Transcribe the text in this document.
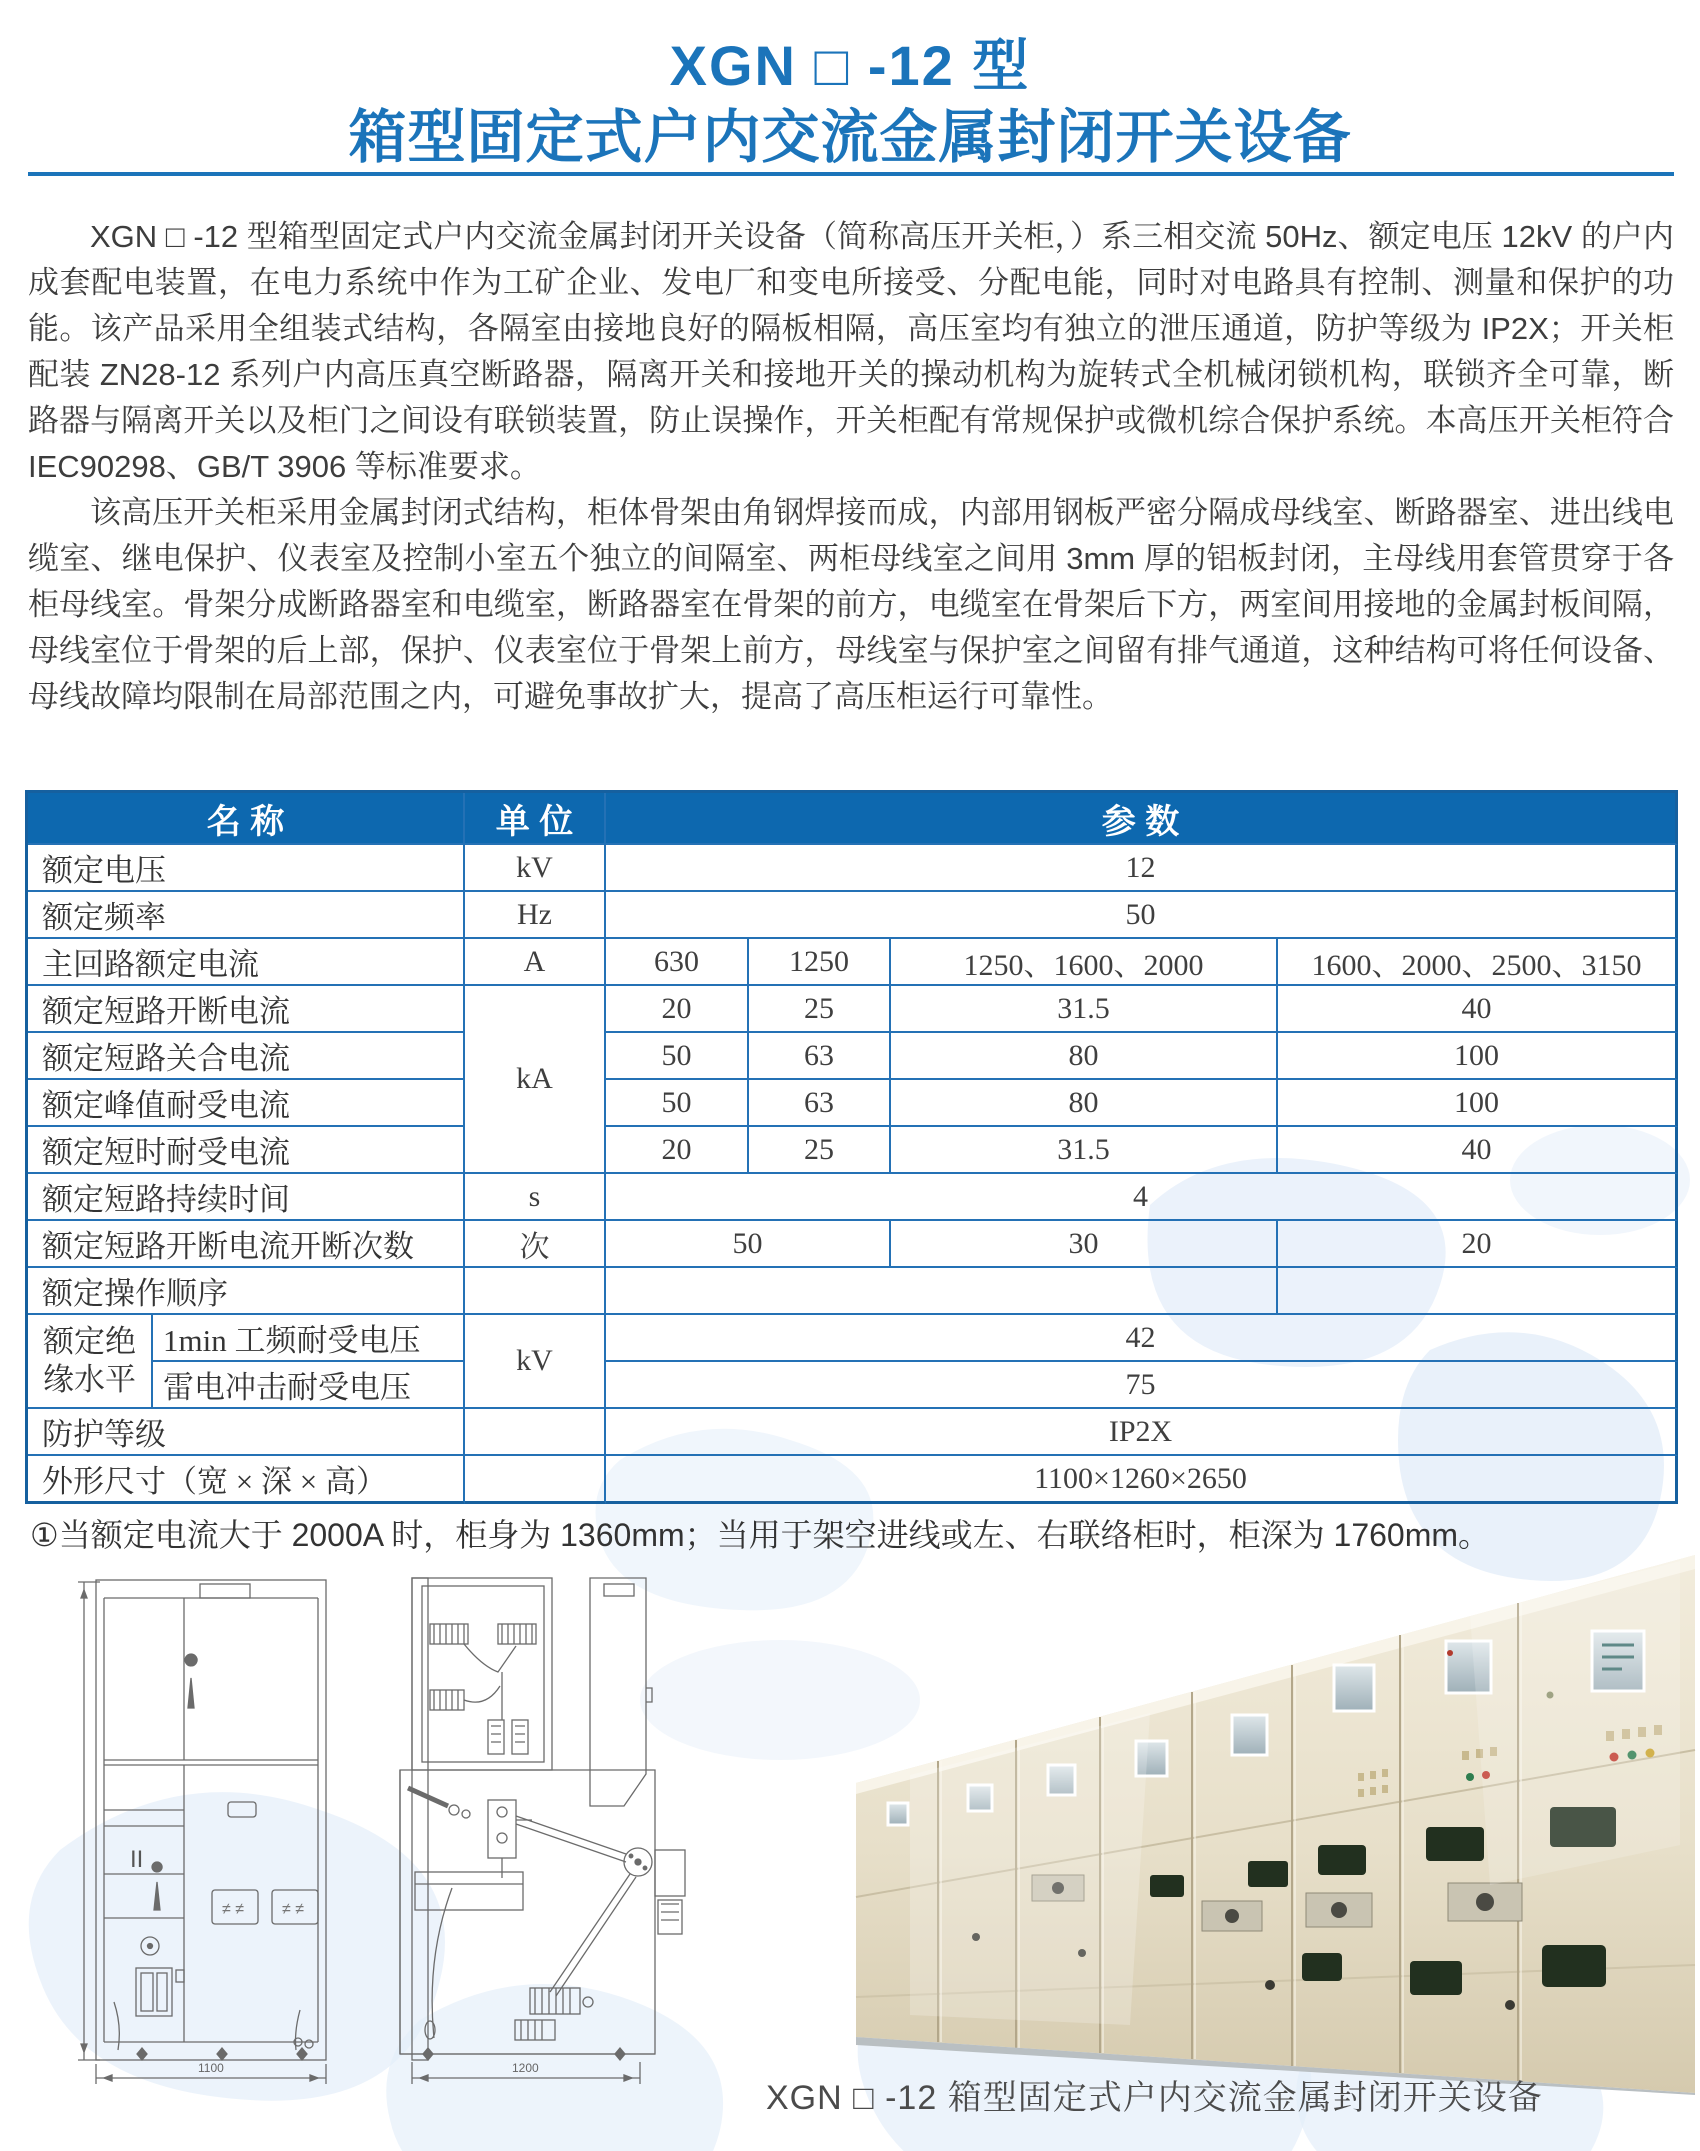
XGN □ -12 型
箱型固定式户内交流金属封闭开关设备

XGN □ -12 型箱型固定式户内交流金属封闭开关设备（简称高压开关柜，）系三相交流 50Hz、额定电压 12kV 的户内成套配电装置，在电力系统中作为工矿企业、发电厂和变电所接受、分配电能，同时对电路具有控制、测量和保护的功能。该产品采用全组装式结构，各隔室由接地良好的隔板相隔，高压室均有独立的泄压通道，防护等级为 IP2X；开关柜配装 ZN28-12 系列户内高压真空断路器，隔离开关和接地开关的操动机构为旋转式全机械闭锁机构，联锁齐全可靠，断路器与隔离开关以及柜门之间设有联锁装置，防止误操作，开关柜配有常规保护或微机综合保护系统。本高压开关柜符合 IEC90298、GB/T 3906 等标准要求。

该高压开关柜采用金属封闭式结构，柜体骨架由角钢焊接而成，内部用钢板严密分隔成母线室、断路器室、进出线电缆室、继电保护、仪表室及控制小室五个独立的间隔室、两柜母线室之间用 3mm 厚的铝板封闭，主母线用套管贯穿于各柜母线室。骨架分成断路器室和电缆室，断路器室在骨架的前方，电缆室在骨架后下方，两室间用接地的金属封板间隔，母线室位于骨架的后上部，保护、仪表室位于骨架上前方，母线室与保护室之间留有排气通道，这种结构可将任何设备、母线故障均限制在局部范围之内，可避免事故扩大，提高了高压柜运行可靠性。

名 称		单 位	参 数			
额定电压		kV	12			
额定频率		Hz	50			
主回路额定电流		A	630	1250	1250、1600、2000	1600、2000、2500、3150
额定短路开断电流		kA	20	25	31.5	40
额定短路关合电流			50	63	80	100
额定峰值耐受电流			50	63	80	100
额定短时耐受电流			20	25	31.5	40
额定短路持续时间		s	4			
额定短路开断电流开断次数		次	50		30	20
额定操作顺序						
额定绝缘水平	1min 工频耐受电压	kV	42			
	雷电冲击耐受电压		75			
防护等级			IP2X			
外形尺寸（宽 × 深 × 高）			1100×1260×2650			
①当额定电流大于 2000A 时，柜身为 1360mm；当用于架空进线或左、右联络柜时，柜深为 1760mm。
II
≠ ≠ ≠ ≠
1100	1200
XGN □ -12 箱型固定式户内交流金属封闭开关设备
